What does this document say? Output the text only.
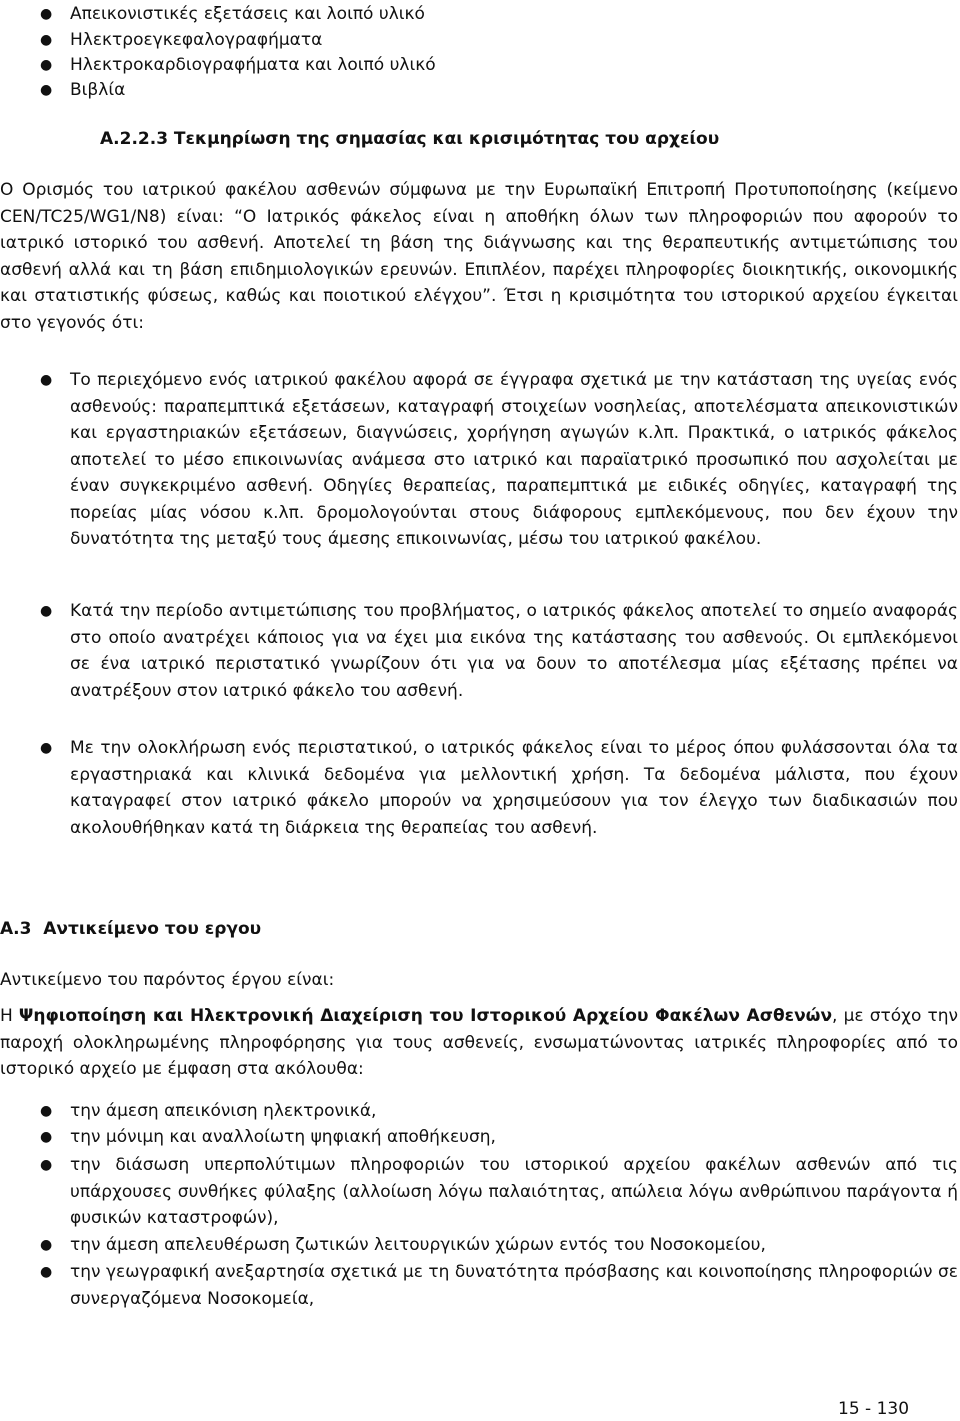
● Απεικονιστικές εξετάσεις και λοιπό υλικό
● Ηλεκτροεγκεφαλογραφήματα
● Ηλεκτροκαρδιογραφήματα και λοιπό υλικό
● Βιβλία
Α.2.2.3 Τεκμηρίωση της σημασίας και κρισιμότητας του αρχείου

Ο Ορισμός του ιατρικού φακέλου ασθενών σύμφωνα με την Ευρωπαϊκή Επιτροπή Προτυποποίησης (κείμενο CEN/TC25/WG1/N8) είναι: “Ο Ιατρικός φάκελος είναι η αποθήκη όλων των πληροφοριών που αφορούν το ιατρικό ιστορικό του ασθενή. Αποτελεί τη βάση της διάγνωσης και της θεραπευτικής αντιμετώπισης του ασθενή αλλά και τη βάση επιδημιολογικών ερευνών. Επιπλέον, παρέχει πληροφορίες διοικητικής, οικονομικής και στατιστικής φύσεως, καθώς και ποιοτικού ελέγχου”. Έτσι η κρισιμότητα του ιστορικού αρχείου έγκειται στο γεγονός ότι:

● Το περιεχόμενο ενός ιατρικού φακέλου αφορά σε έγγραφα σχετικά με την κατάσταση της υγείας ενός ασθενούς: παραπεμπτικά εξετάσεων, καταγραφή στοιχείων νοσηλείας, αποτελέσματα απεικονιστικών και εργαστηριακών εξετάσεων, διαγνώσεις, χορήγηση αγωγών κ.λπ. Πρακτικά, ο ιατρικός φάκελος αποτελεί το μέσο επικοινωνίας ανάμεσα στο ιατρικό και παραϊατρικό προσωπικό που ασχολείται με έναν συγκεκριμένο ασθενή. Οδηγίες θεραπείας, παραπεμπτικά με ειδικές οδηγίες, καταγραφή της πορείας μίας νόσου κ.λπ. δρομολογούνται στους διάφορους εμπλεκόμενους, που δεν έχουν την δυνατότητα της μεταξύ τους άμεσης επικοινωνίας, μέσω του ιατρικού φακέλου.

● Κατά την περίοδο αντιμετώπισης του προβλήματος, ο ιατρικός φάκελος αποτελεί το σημείο αναφοράς στο οποίο ανατρέχει κάποιος για να έχει μια εικόνα της κατάστασης του ασθενούς. Οι εμπλεκόμενοι σε ένα ιατρικό περιστατικό γνωρίζουν ότι για να δουν το αποτέλεσμα μίας εξέτασης πρέπει να ανατρέξουν στον ιατρικό φάκελο του ασθενή.

● Με την ολοκλήρωση ενός περιστατικού, ο ιατρικός φάκελος είναι το μέρος όπου φυλάσσονται όλα τα εργαστηριακά και κλινικά δεδομένα για μελλοντική χρήση. Τα δεδομένα μάλιστα, που έχουν καταγραφεί στον ιατρικό φάκελο μπορούν να χρησιμεύσουν για τον έλεγχο των διαδικασιών που ακολουθήθηκαν κατά τη διάρκεια της θεραπείας του ασθενή.

Α.3  Αντικείμενο του εργου
Αντικείμενο του παρόντος έργου είναι:

Η Ψηφιοποίηση και Ηλεκτρονική Διαχείριση του Ιστορικού Αρχείου Φακέλων Ασθενών, με στόχο την παροχή ολοκληρωμένης πληροφόρησης για τους ασθενείς, ενσωματώνοντας ιατρικές πληροφορίες από το ιστορικό αρχείο με έμφαση στα ακόλουθα:

● την άμεση απεικόνιση ηλεκτρονικά,

● την μόνιμη και αναλλοίωτη ψηφιακή αποθήκευση,

● την διάσωση υπερπολύτιμων πληροφοριών του ιστορικού αρχείου φακέλων ασθενών από τις υπάρχουσες συνθήκες φύλαξης (αλλοίωση λόγω παλαιότητας, απώλεια λόγω ανθρώπινου παράγοντα ή φυσικών καταστροφών),

● την άμεση απελευθέρωση ζωτικών λειτουργικών χώρων εντός του Νοσοκομείου,

● την γεωγραφική ανεξαρτησία σχετικά με τη δυνατότητα πρόσβασης και κοινοποίησης πληροφοριών σε συνεργαζόμενα Νοσοκομεία,

15 - 130
